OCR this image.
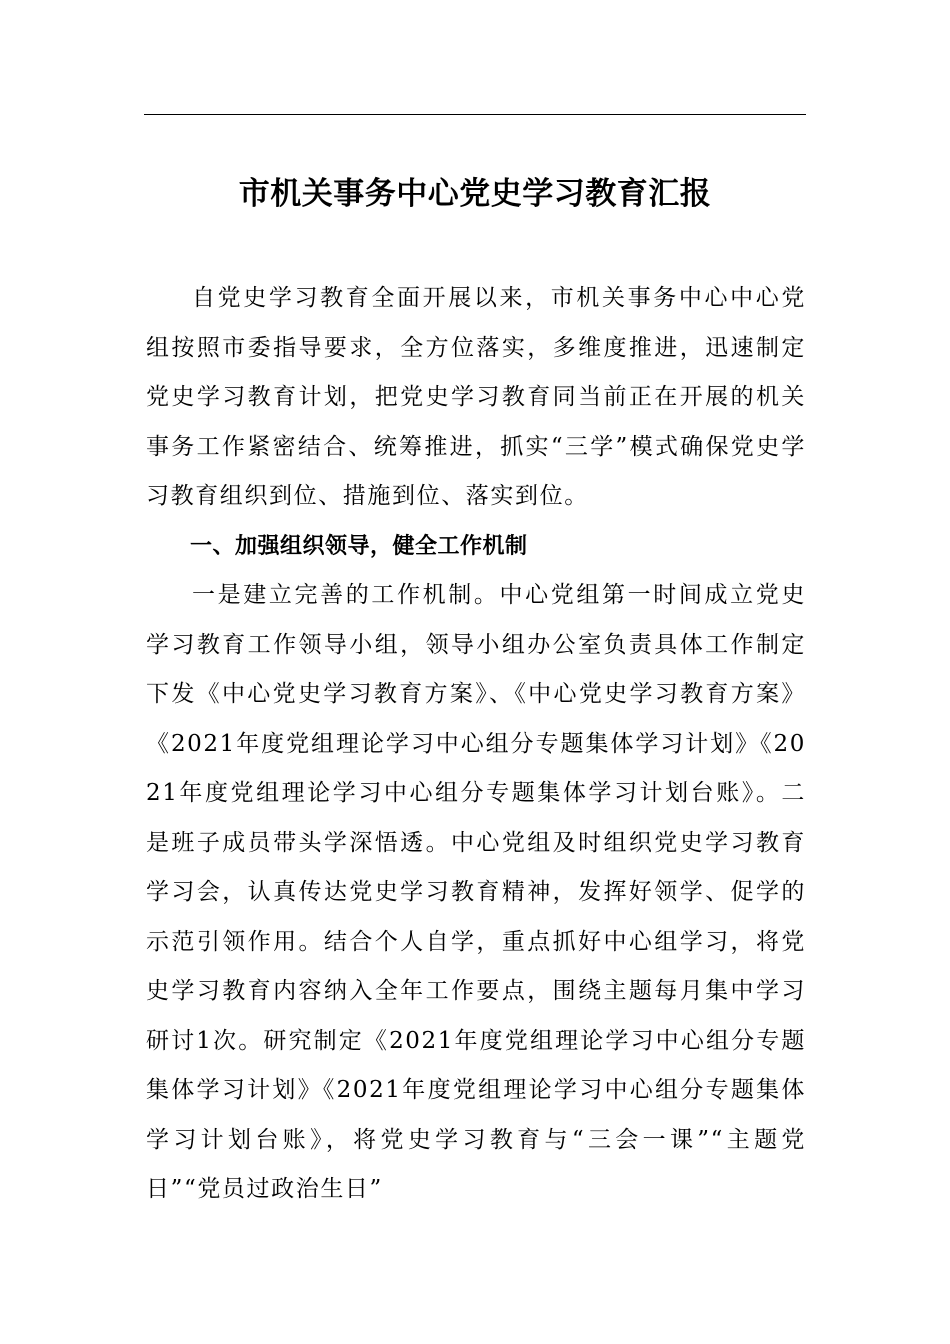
市机关事务中心党史学习教育汇报

自党史学习教育全面开展以来，市机关事务中心中心党组按照市委指导要求，全方位落实，多维度推进，迅速制定党史学习教育计划，把党史学习教育同当前正在开展的机关事务工作紧密结合、统筹推进，抓实“三学”模式确保党史学习教育组织到位、措施到位、落实到位。

一、加强组织领导，健全工作机制

一是建立完善的工作机制。中心党组第一时间成立党史学习教育工作领导小组，领导小组办公室负责具体工作制定下发《中心党史学习教育方案》、《中心党史学习教育方案》《2021年度党组理论学习中心组分专题集体学习计划》《2021年度党组理论学习中心组分专题集体学习计划台账》。二是班子成员带头学深悟透。中心党组及时组织党史学习教育学习会，认真传达党史学习教育精神，发挥好领学、促学的示范引领作用。结合个人自学，重点抓好中心组学习，将党史学习教育内容纳入全年工作要点，围绕主题每月集中学习研讨1次。研究制定《2021年度党组理论学习中心组分专题集体学习计划》《2021年度党组理论学习中心组分专题集体学习计划台账》，将党史学习教育与“三会一课”“主题党日”“党员过政治生日”
